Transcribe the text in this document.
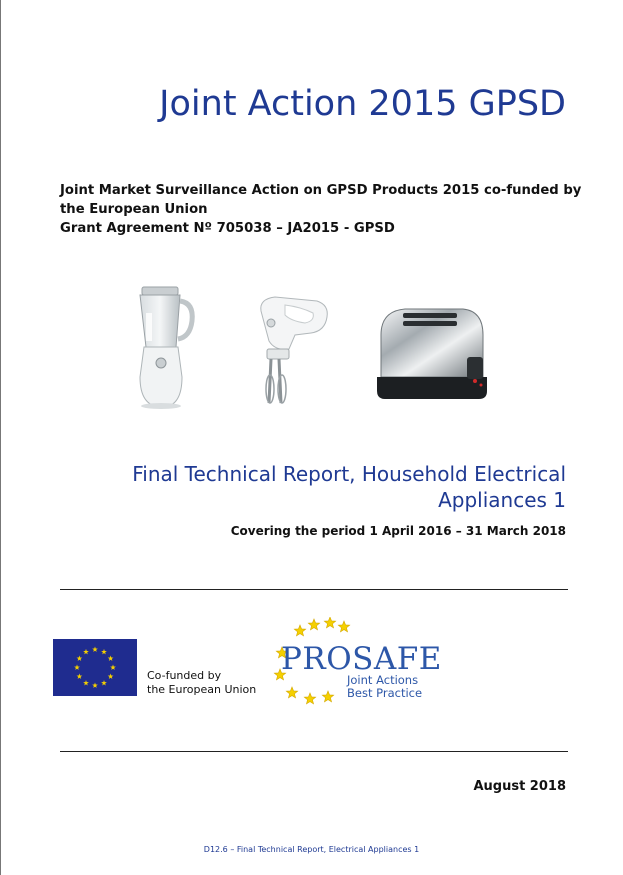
Joint Action 2015 GPSD
Joint Market Surveillance Action on GPSD Products 2015 co-funded by
the European Union
Grant Agreement Nº 705038 – JA2015 - GPSD
Final Technical Report, Household Electrical
Appliances 1
Covering the period 1 April 2016 – 31 March 2018
Co-funded by
the European Union
PROSAFE
Joint Actions
Best Practice
August 2018
D12.6 – Final Technical Report, Electrical Appliances 1
